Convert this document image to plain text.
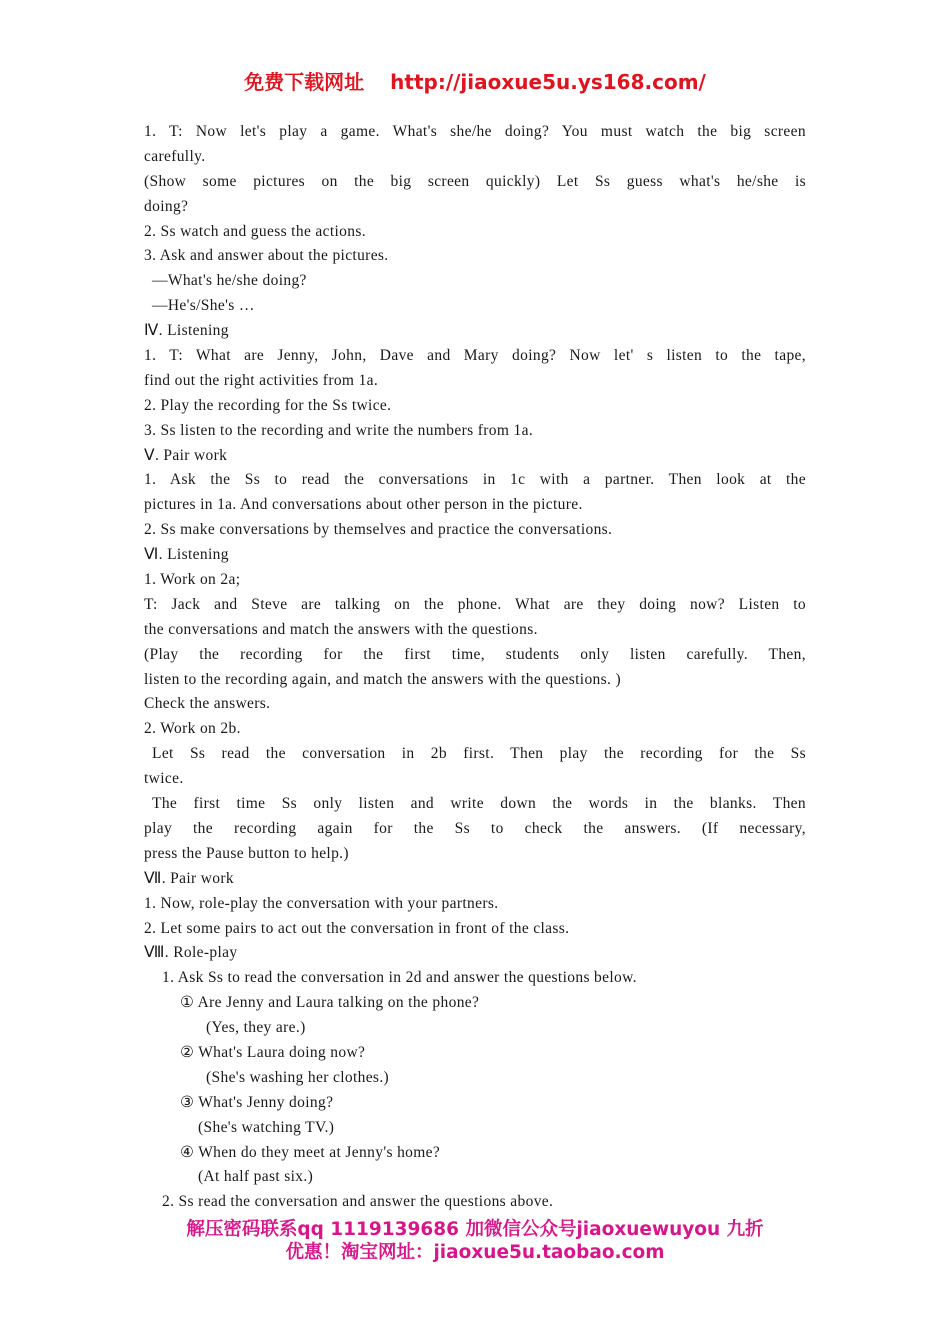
免费下载网址 http://jiaoxue5u.ys168.com/
1. T: Now let's play a game. What's she/he doing? You must watch the big screen
carefully.
(Show some pictures on the big screen quickly) Let Ss guess what's he/she is
doing?
2. Ss watch and guess the actions.
3. Ask and answer about the pictures.
—What's he/she doing?
—He's/She's …
Ⅳ. Listening
1. T: What are Jenny, John, Dave and Mary doing? Now let' s listen to the tape,
find out the right activities from 1a.
2. Play the recording for the Ss twice.
3. Ss listen to the recording and write the numbers from 1a.
Ⅴ. Pair work
1. Ask the Ss to read the conversations in 1c with a partner. Then look at the
pictures in 1a. And conversations about other person in the picture.
2. Ss make conversations by themselves and practice the conversations.
Ⅵ. Listening
1. Work on 2a;
T: Jack and Steve are talking on the phone. What are they doing now? Listen to
the conversations and match the answers with the questions.
(Play the recording for the first time, students only listen carefully. Then,
listen to the recording again, and match the answers with the questions. )
Check the answers.
2. Work on 2b.
Let Ss read the conversation in 2b first. Then play the recording for the Ss
twice.
The first time Ss only listen and write down the words in the blanks. Then
play the recording again for the Ss to check the answers. (If necessary,
press the Pause button to help.)
Ⅶ. Pair work
1. Now, role-play the conversation with your partners.
2. Let some pairs to act out the conversation in front of the class.
Ⅷ. Role-play
1. Ask Ss to read the conversation in 2d and answer the questions below.
① Are Jenny and Laura talking on the phone?
(Yes, they are.)
② What's Laura doing now?
(She's washing her clothes.)
③ What's Jenny doing?
(She's watching TV.)
④ When do they meet at Jenny's home?
(At half past six.)
2. Ss read the conversation and answer the questions above.
解压密码联系qq 1119139686 加微信公众号jiaoxuewuyou 九折
优惠！淘宝网址：jiaoxue5u.taobao.com
